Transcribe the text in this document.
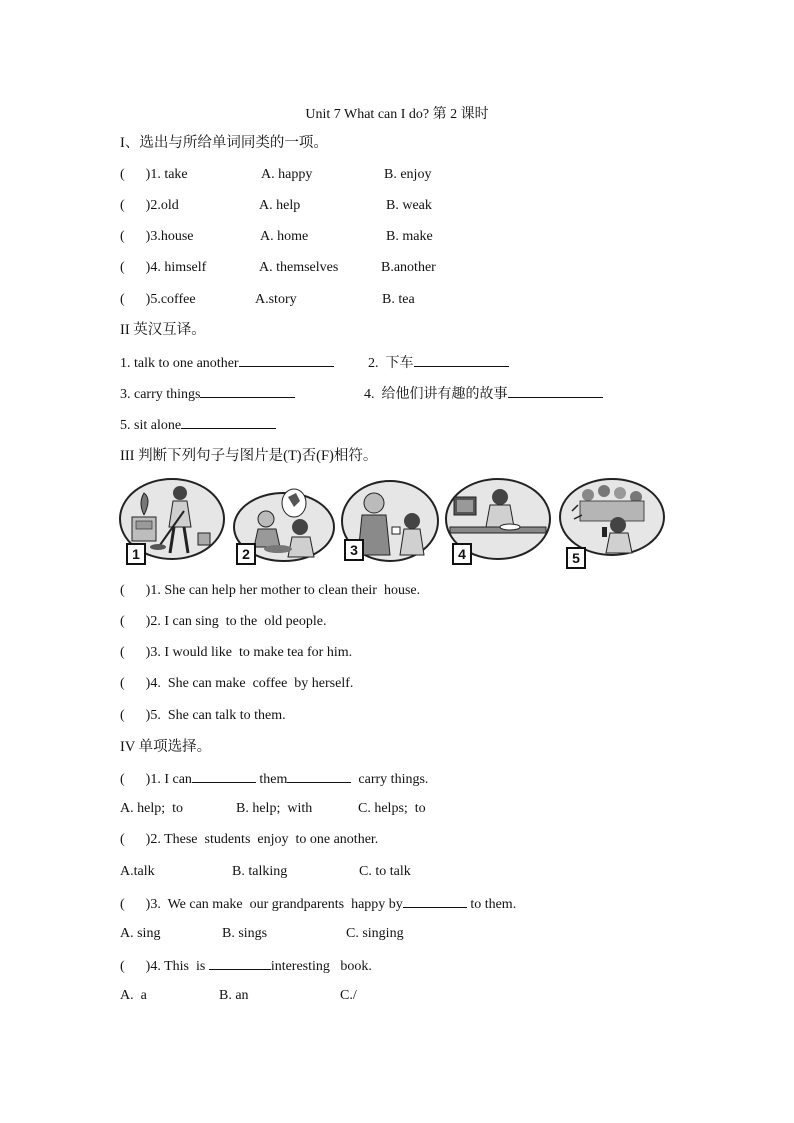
Unit 7 What can I do? 第 2 课时
I、选出与所给单词同类的一项。
(      )1. take	A. happy	B. enjoy
(      )2.old	A. help	B. weak
(      )3.house	A. home	B. make
(      )4. himself	A. themselves	B.another
(      )5.coffee	A.story	B. tea
II 英汉互译。
1. talk to one another	2.  下车
3. carry things	4.  给他们讲有趣的故事
5. sit alone
III 判断下列句子与图片是(T)否(F)相符。
1	2	3	4	5
(      )1. She can help her mother to clean their  house.
(      )2. I can sing  to the  old people.
(      )3. I would like  to make tea for him.
(      )4.  She can make  coffee  by herself.
(      )5.  She can talk to them.
IV 单项选择。
(      )1. I can	them	carry things.
A. help;  to	B. help;  with	C. helps;  to
(      )2. These  students  enjoy  to one another.
A.talk	B. talking	C. to talk
(      )3.  We can make  our grandparents  happy by	to them.
A. sing	B. sings	C. singing
(      )4. This  is	interesting   book.
A.  a	B. an	C./
